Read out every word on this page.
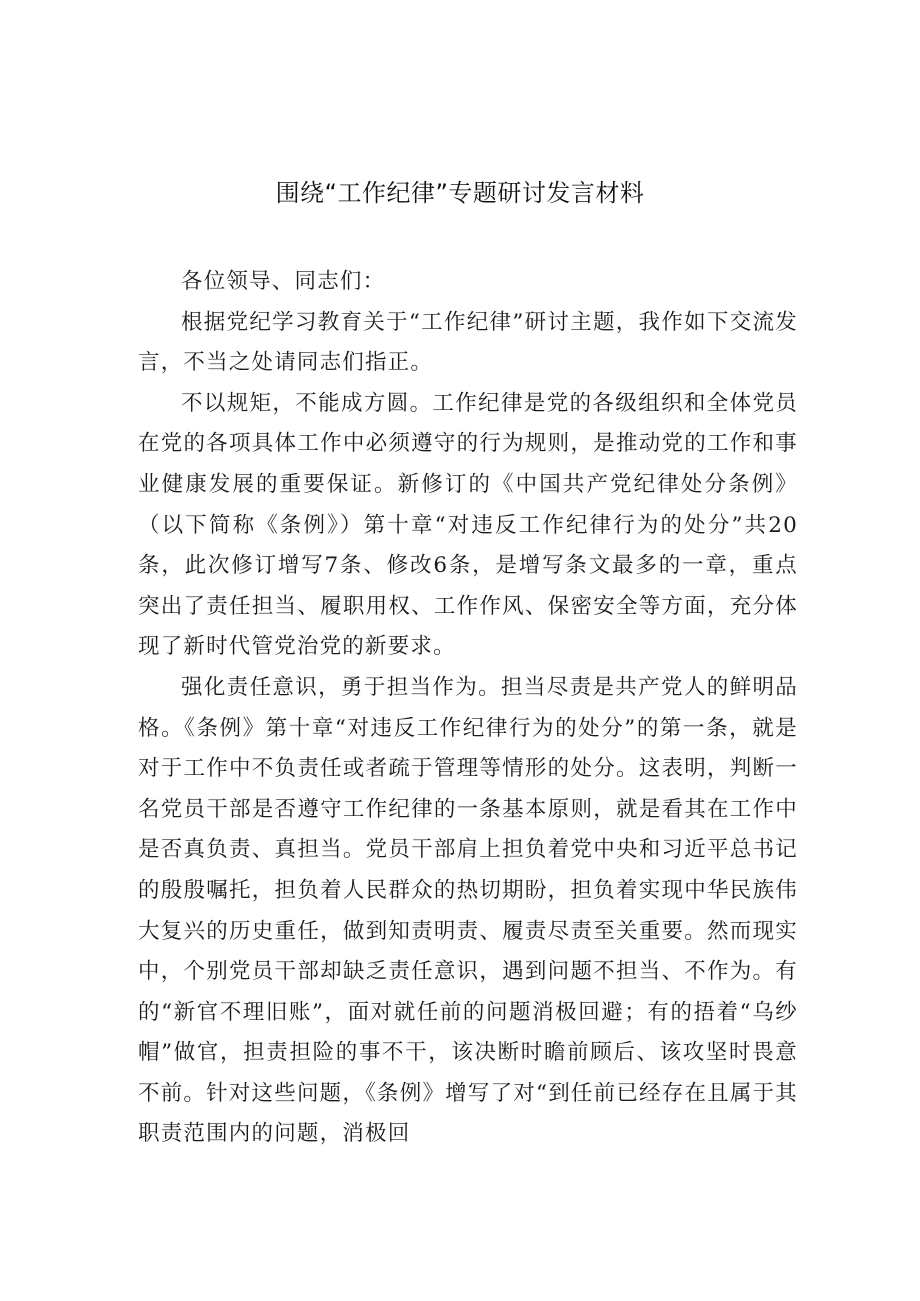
围绕“工作纪律”专题研讨发言材料

各位领导、同志们：

根据党纪学习教育关于“工作纪律”研讨主题，我作如下交流发言，不当之处请同志们指正。

不以规矩，不能成方圆。工作纪律是党的各级组织和全体党员在党的各项具体工作中必须遵守的行为规则，是推动党的工作和事业健康发展的重要保证。新修订的《中国共产党纪律处分条例》（以下简称《条例》）第十章“对违反工作纪律行为的处分”共20条，此次修订增写7条、修改6条，是增写条文最多的一章，重点突出了责任担当、履职用权、工作作风、保密安全等方面，充分体现了新时代管党治党的新要求。

强化责任意识，勇于担当作为。担当尽责是共产党人的鲜明品格。《条例》第十章“对违反工作纪律行为的处分”的第一条，就是对于工作中不负责任或者疏于管理等情形的处分。这表明，判断一名党员干部是否遵守工作纪律的一条基本原则，就是看其在工作中是否真负责、真担当。党员干部肩上担负着党中央和习近平总书记的殷殷嘱托，担负着人民群众的热切期盼，担负着实现中华民族伟大复兴的历史重任，做到知责明责、履责尽责至关重要。然而现实中，个别党员干部却缺乏责任意识，遇到问题不担当、不作为。有的“新官不理旧账”，面对就任前的问题消极回避；有的捂着“乌纱帽”做官，担责担险的事不干，该决断时瞻前顾后、该攻坚时畏意不前。针对这些问题，《条例》增写了对“到任前已经存在且属于其职责范围内的问题，消极回
